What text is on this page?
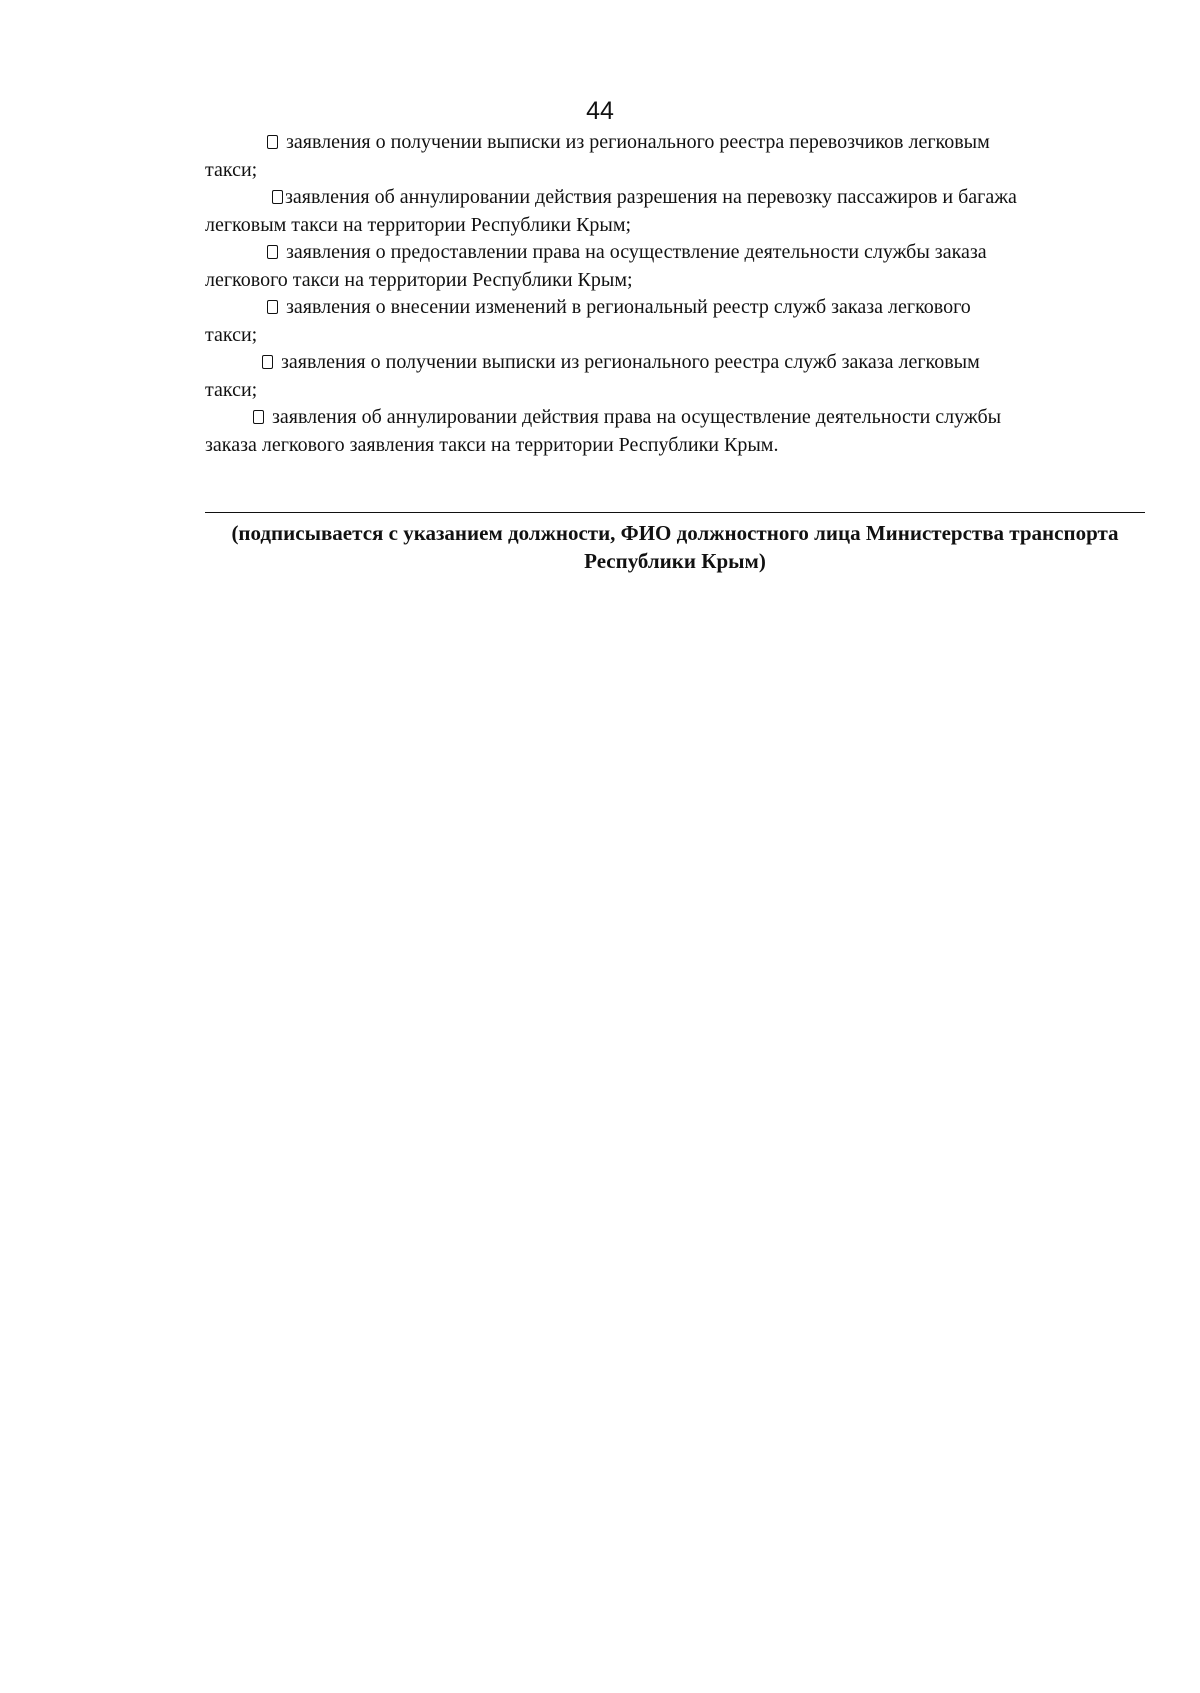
44

заявления о получении выписки из регионального реестра перевозчиков легковым

такси;

заявления об аннулировании действия разрешения на перевозку пассажиров и багажа

легковым такси на территории Республики Крым;

заявления о предоставлении права на осуществление деятельности службы заказа

легкового такси на территории Республики Крым;

заявления о внесении изменений в региональный реестр служб заказа легкового

такси;

заявления о получении выписки из регионального реестра служб заказа легковым

такси;

заявления об аннулировании действия права на осуществление деятельности службы

заказа легкового заявления такси на территории Республики Крым.

(подписывается с указанием должности, ФИО должностного лица Министерства транспорта
Республики Крым)
